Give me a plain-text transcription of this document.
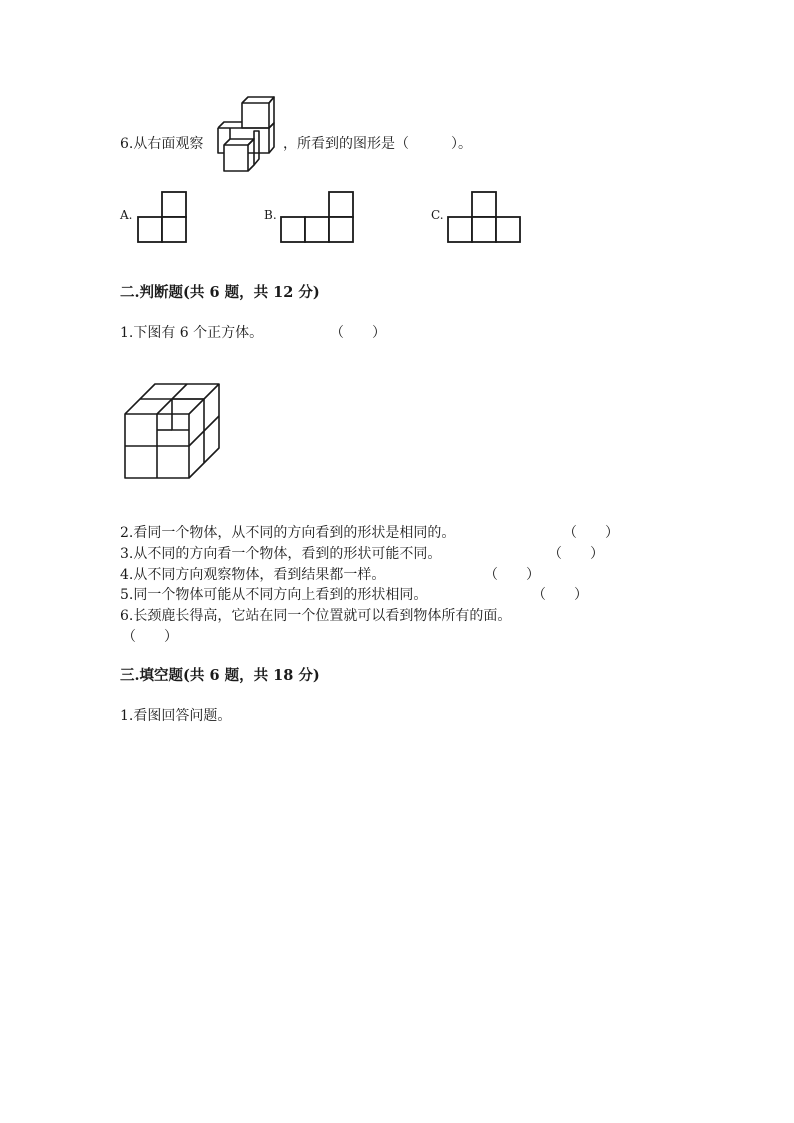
6.从右面观察	，所看到的图形是（　　　）。
A.	B.	C.
二.判断题(共 6 题，共 12 分)
1.下图有 6 个正方体。	（　　）
2.看同一个物体，从不同的方向看到的形状是相同的。	（　　）
3.从不同的方向看一个物体，看到的形状可能不同。	（　　）
4.从不同方向观察物体，看到结果都一样。	（　　）
5.同一个物体可能从不同方向上看到的形状相同。	（　　）
6.长颈鹿长得高，它站在同一个位置就可以看到物体所有的面。
（　　）
三.填空题(共 6 题，共 18 分)
1.看图回答问题。
